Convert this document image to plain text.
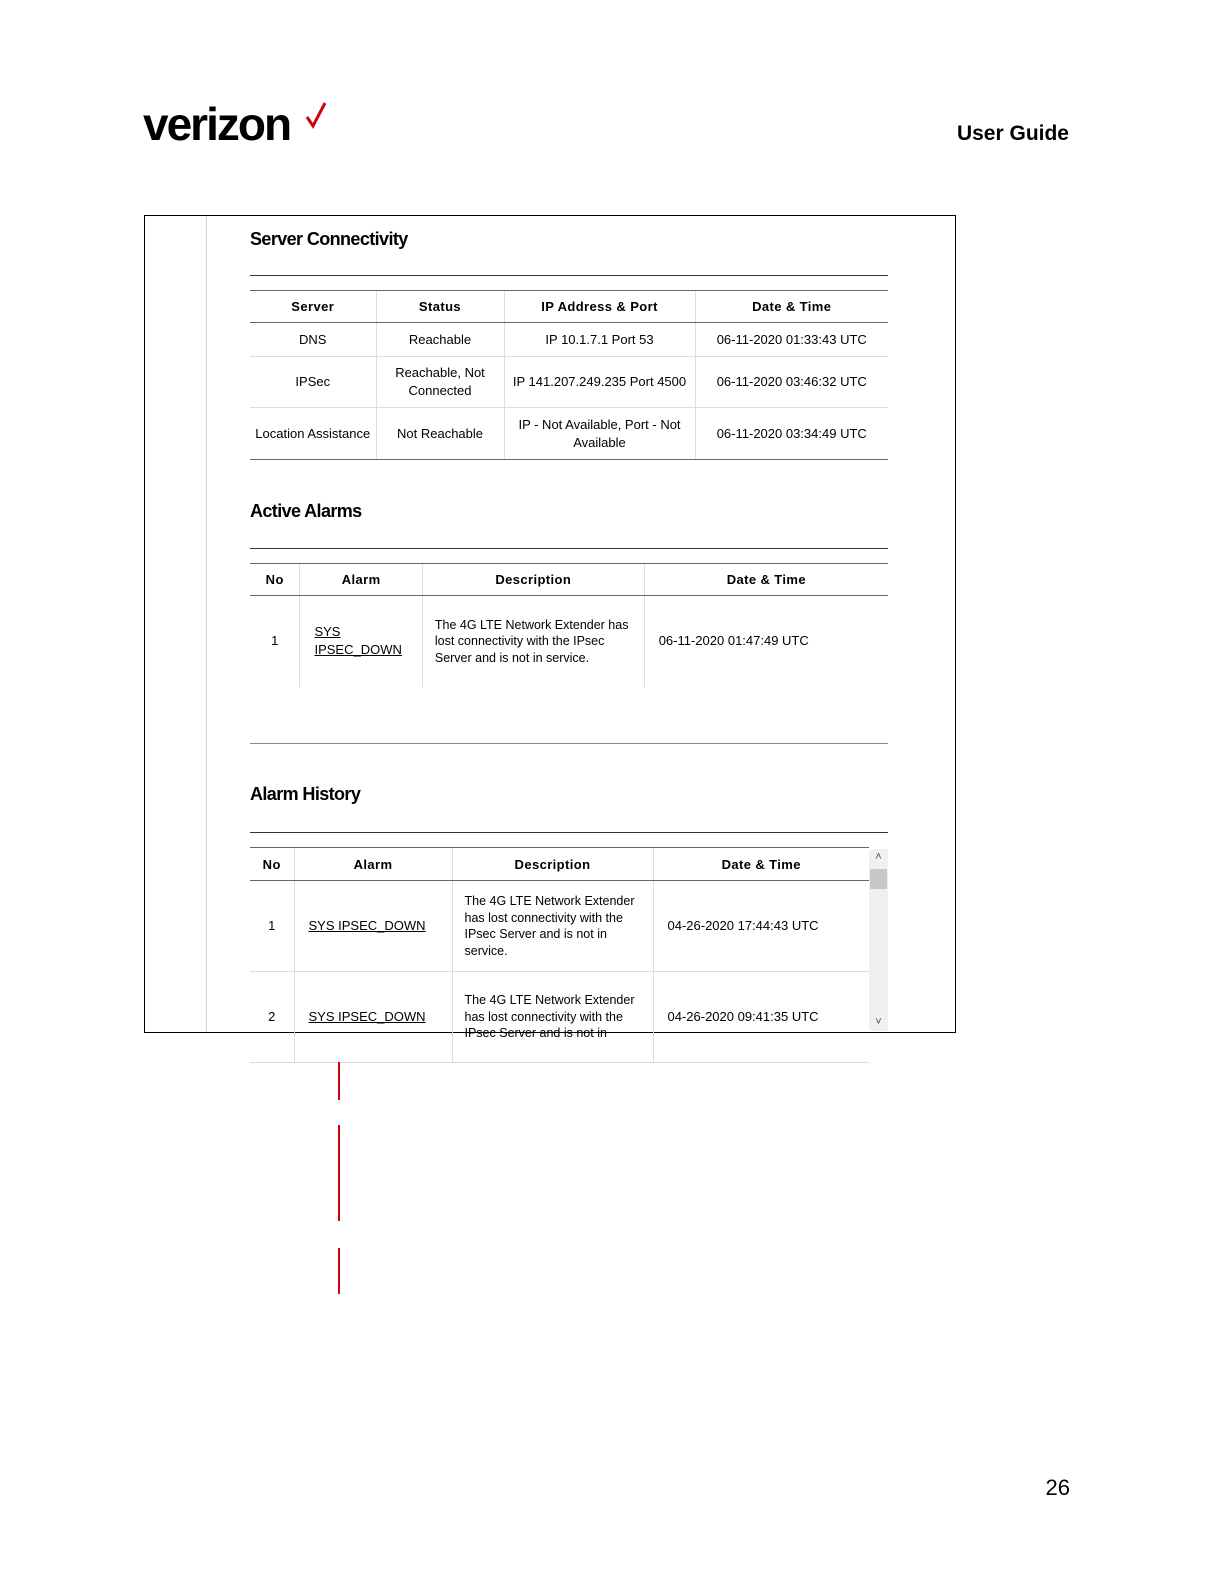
verizon	User Guide
Server Connectivity
Server	Status	IP Address & Port	Date & Time
DNS	Reachable	IP 10.1.7.1 Port 53	06-11-2020 01:33:43 UTC
IPSec	Reachable, Not Connected	IP 141.207.249.235 Port 4500	06-11-2020 03:46:32 UTC
Location Assistance	Not Reachable	IP - Not Available, Port - Not Available	06-11-2020 03:34:49 UTC
Active Alarms
No	Alarm	Description	Date & Time
1	SYS IPSEC_DOWN	The 4G LTE Network Extender has lost connectivity with the IPsec Server and is not in service.	06-11-2020 01:47:49 UTC
Alarm History
No	Alarm	Description	Date & Time
1	SYS IPSEC_DOWN	The 4G LTE Network Extender has lost connectivity with the IPsec Server and is not in service.	04-26-2020 17:44:43 UTC
2	SYS IPSEC_DOWN	The 4G LTE Network Extender has lost connectivity with the IPsec Server and is not in	04-26-2020 09:41:35 UTC
˄
˅
26
